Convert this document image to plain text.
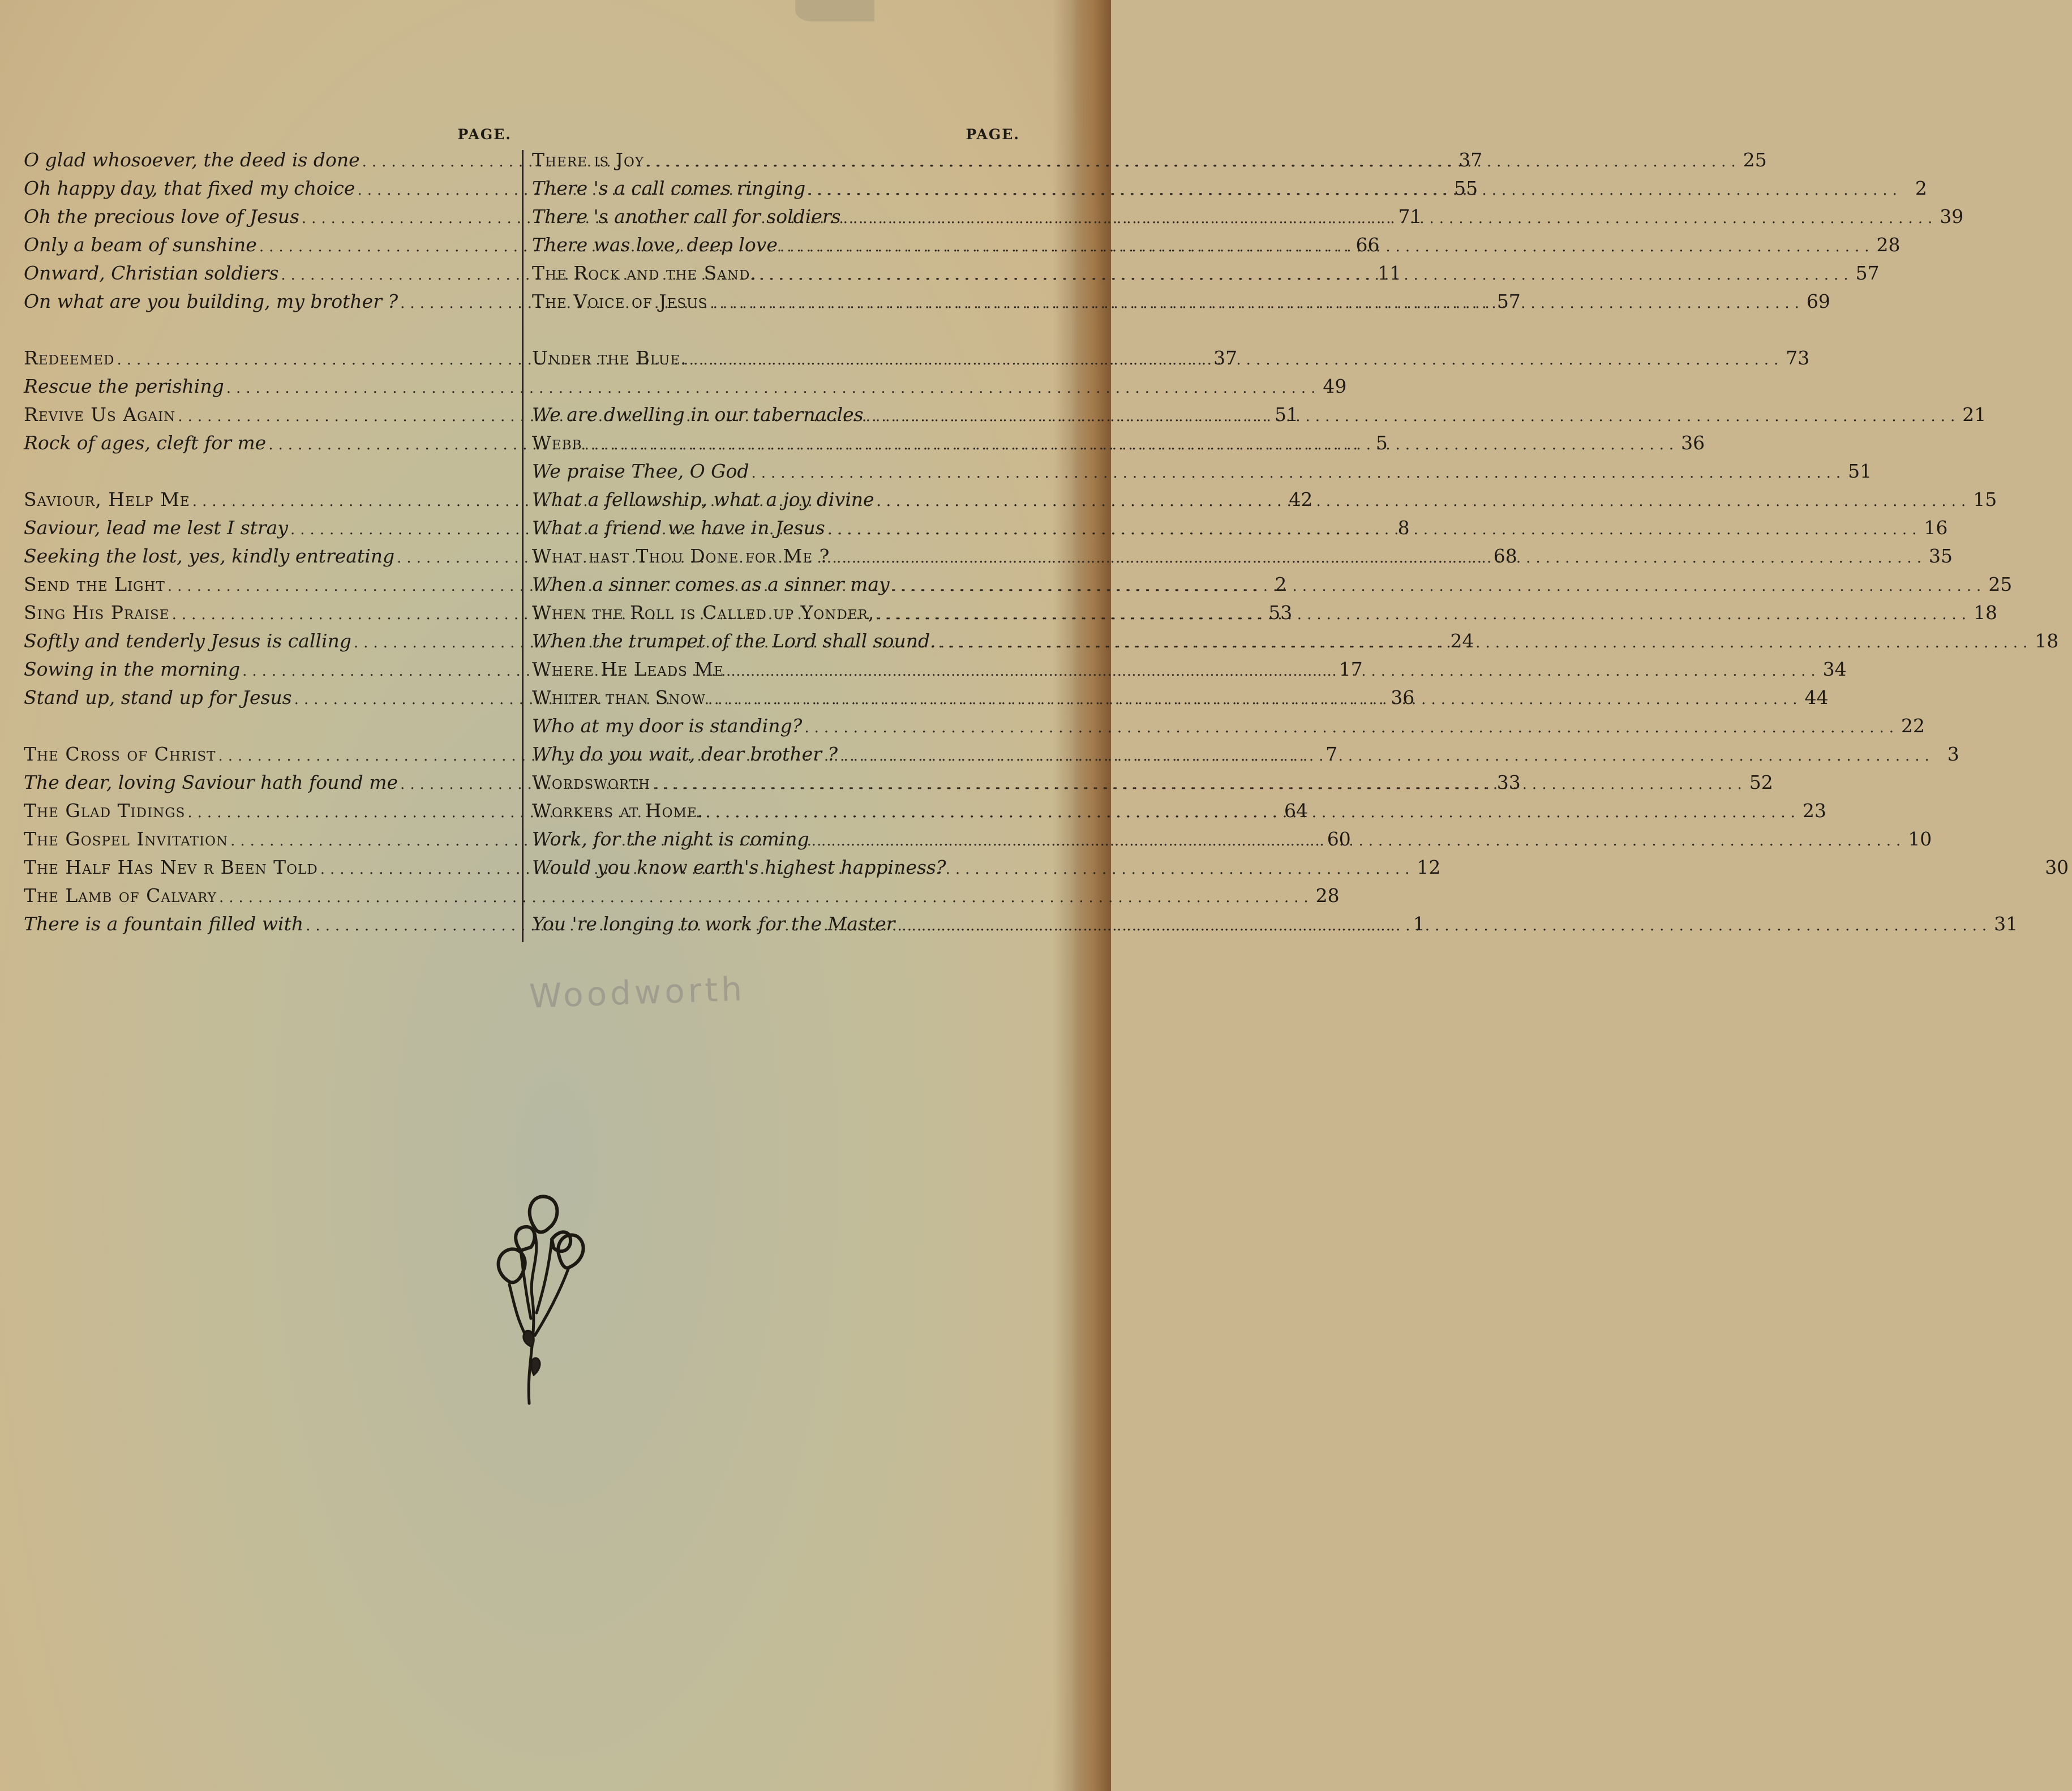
PAGE.
O glad whosoever, the deed is done .....	37
Oh happy day, that fixed my choice .....	55
Oh the precious love of Jesus .....	71
Only a beam of sunshine .....	66
Onward, Christian soldiers .....	11
On what are you building, my brother ? .....	57
Redeemed .....	37
Rescue the perishing .....	49
Revive Us Again .....	51
Rock of ages, cleft for me .....	5
Saviour, Help Me .....	42
Saviour, lead me lest I stray .....	8
Seeking the lost, yes, kindly entreating .....	68
Send the Light .....	2
Sing His Praise .....	53
Softly and tenderly Jesus is calling .....	24
Sowing in the morning .....	17
Stand up, stand up for Jesus .....	36
The Cross of Christ .....	7
The dear, loving Saviour hath found me .....	33
The Glad Tidings .....	64
The Gospel Invitation .....	60
The Half Has Nev r Been Told .....	12
The Lamb of Calvary .....	28
There is a fountain filled with .....	1
PAGE.
There is Joy .....	25
There 's a call comes ringing .....	2
There 's another call for soldiers .....	39
There was love, deep love .....	28
The Rock and the Sand. .....	57
The Voice of Jesus .....	69
Under the Blue. .....	73
We are dwelling in our tabernacles .....	21
Webb .....	36
We praise Thee, O God .....	51
What a fellowship, what a joy divine .....	15
What a friend we have in Jesus .....	16
What hast Thou Done for Me ? .....	35
When a sinner comes as a sinner may .....	25
When the Roll is Called up Yonder, .....	18
When the trumpet of the Lord shall sound. .....	18
Where He Leads Me .....	34
Whiter than Snow .....	44
Who at my door is standing? .....	22
Why do you wait, dear brother ? .....	3
Wordsworth .....	52
Workers at Home. .....	23
Work, for the night is coming .....	10
Would you know earth's highest happiness?	30
You 're longing to work for the Master .....	31
Woodworth
